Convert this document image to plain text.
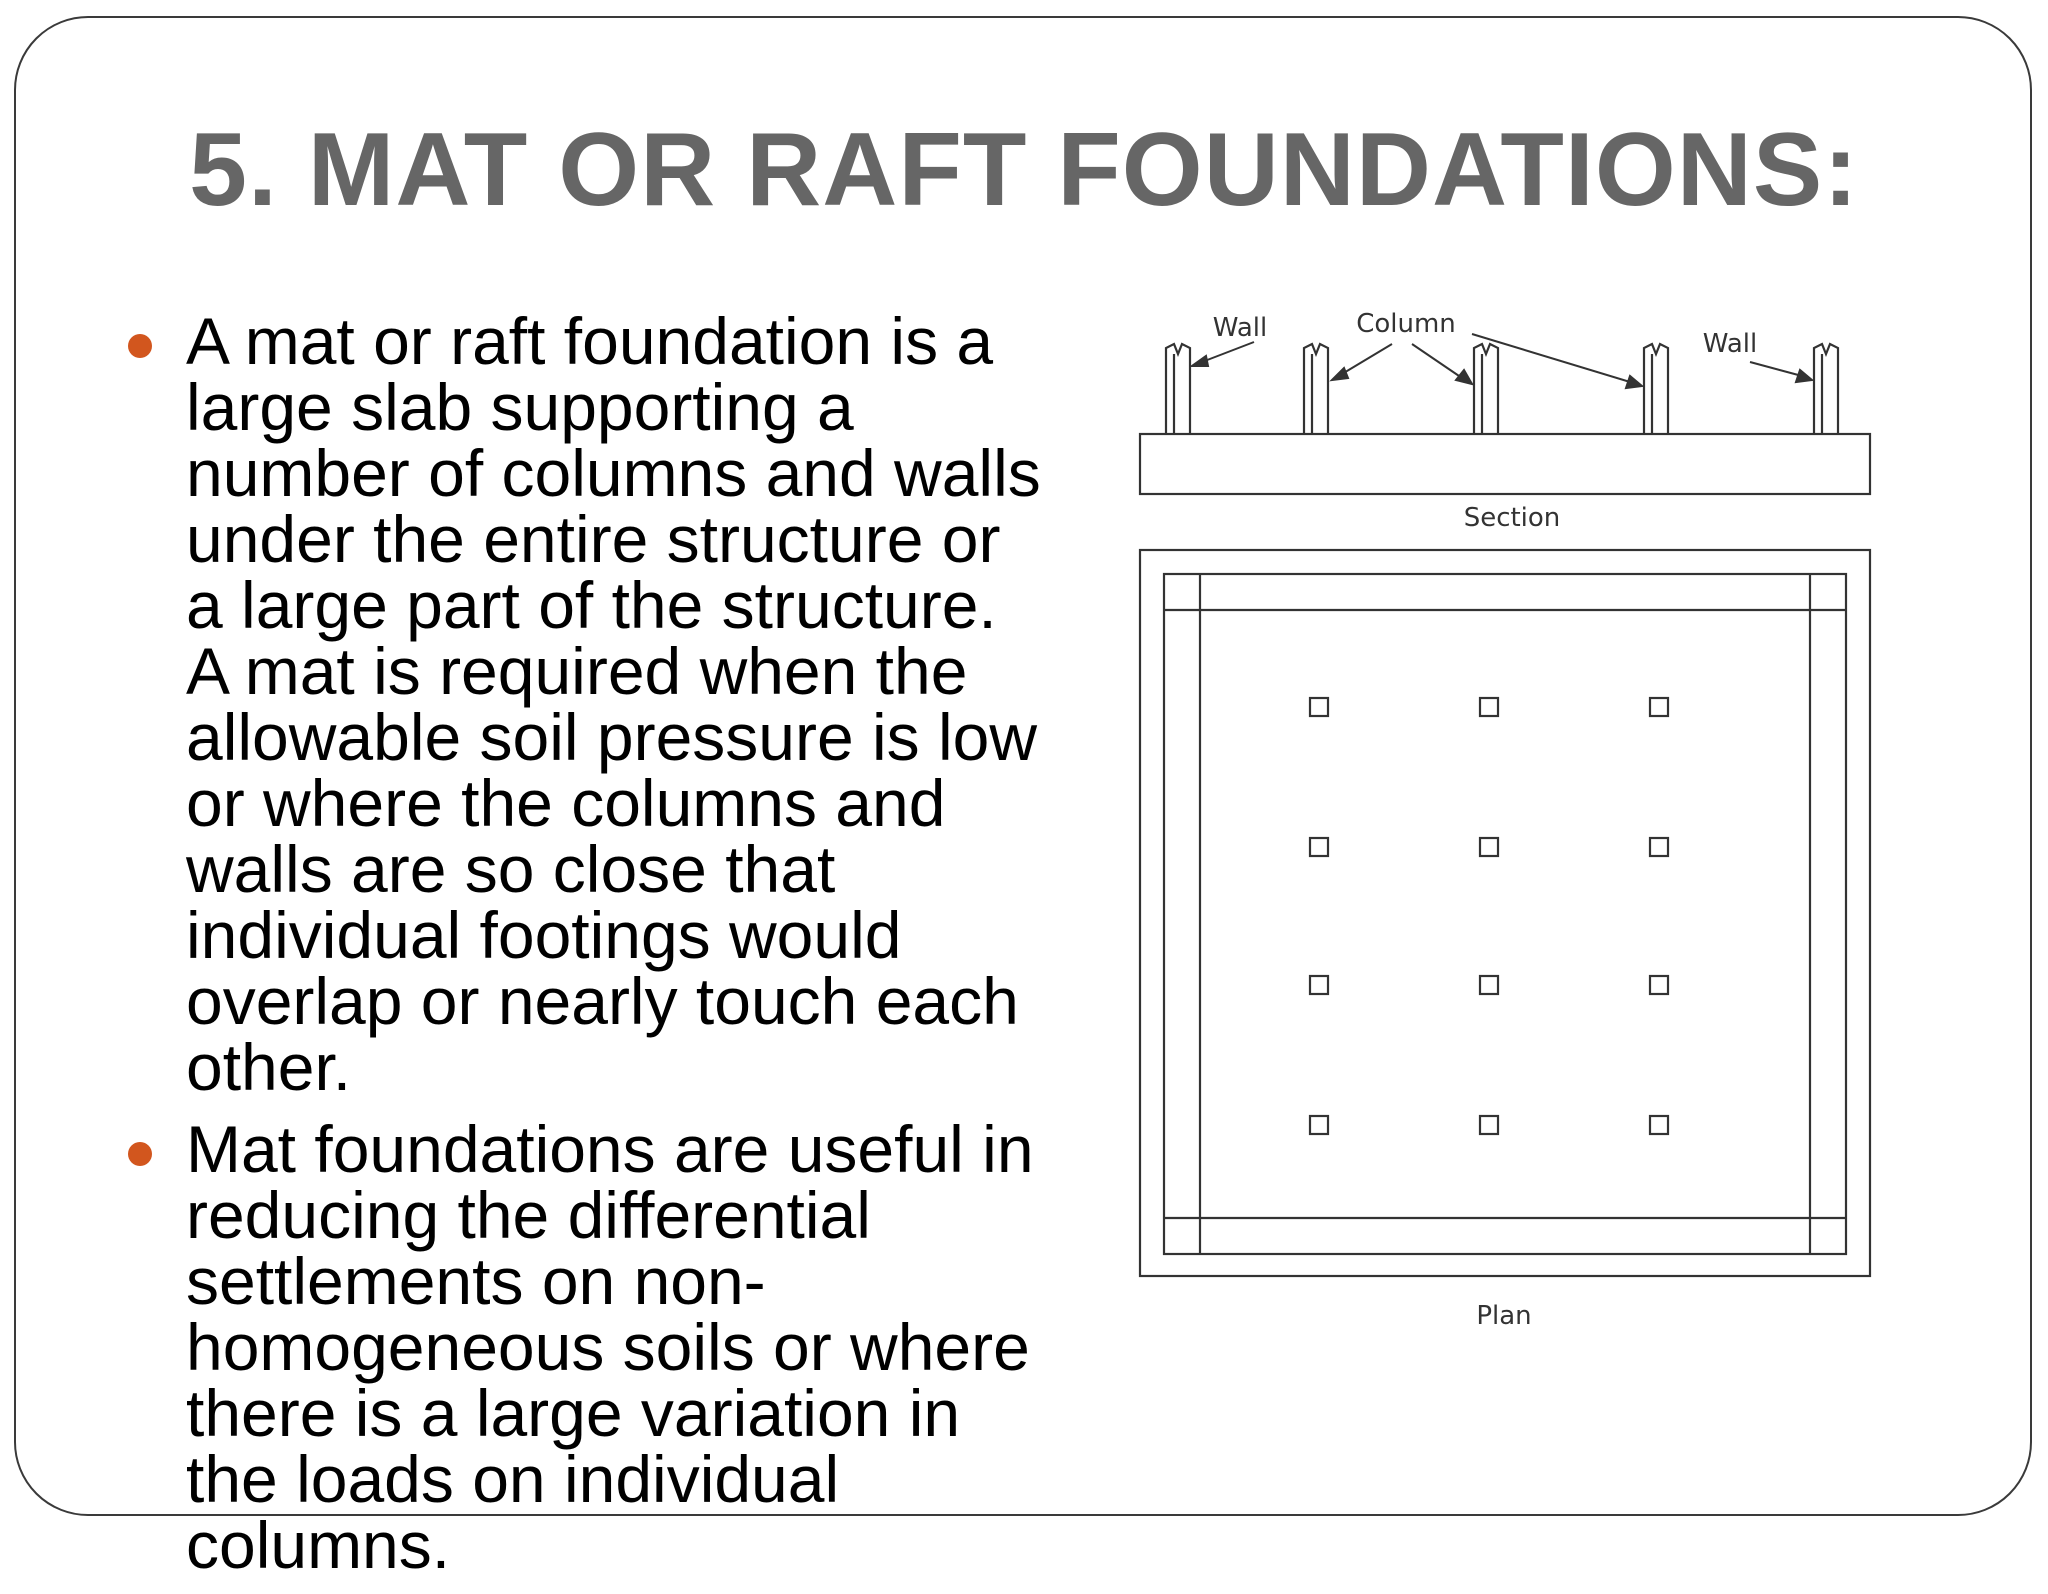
5. MAT OR RAFT FOUNDATIONS:
A mat or raft foundation is a
large slab supporting a
number of columns and walls
under the entire structure or
a large part of the structure.
A mat is required when the
allowable soil pressure is low
or where the columns and
walls are so close that
individual footings would
overlap or nearly touch each
other.
Mat foundations are useful in
reducing the differential
settlements on non-
homogeneous soils or where
there is a large variation in
the loads on individual
columns.
Wall	Column
Wall
Section
Plan
